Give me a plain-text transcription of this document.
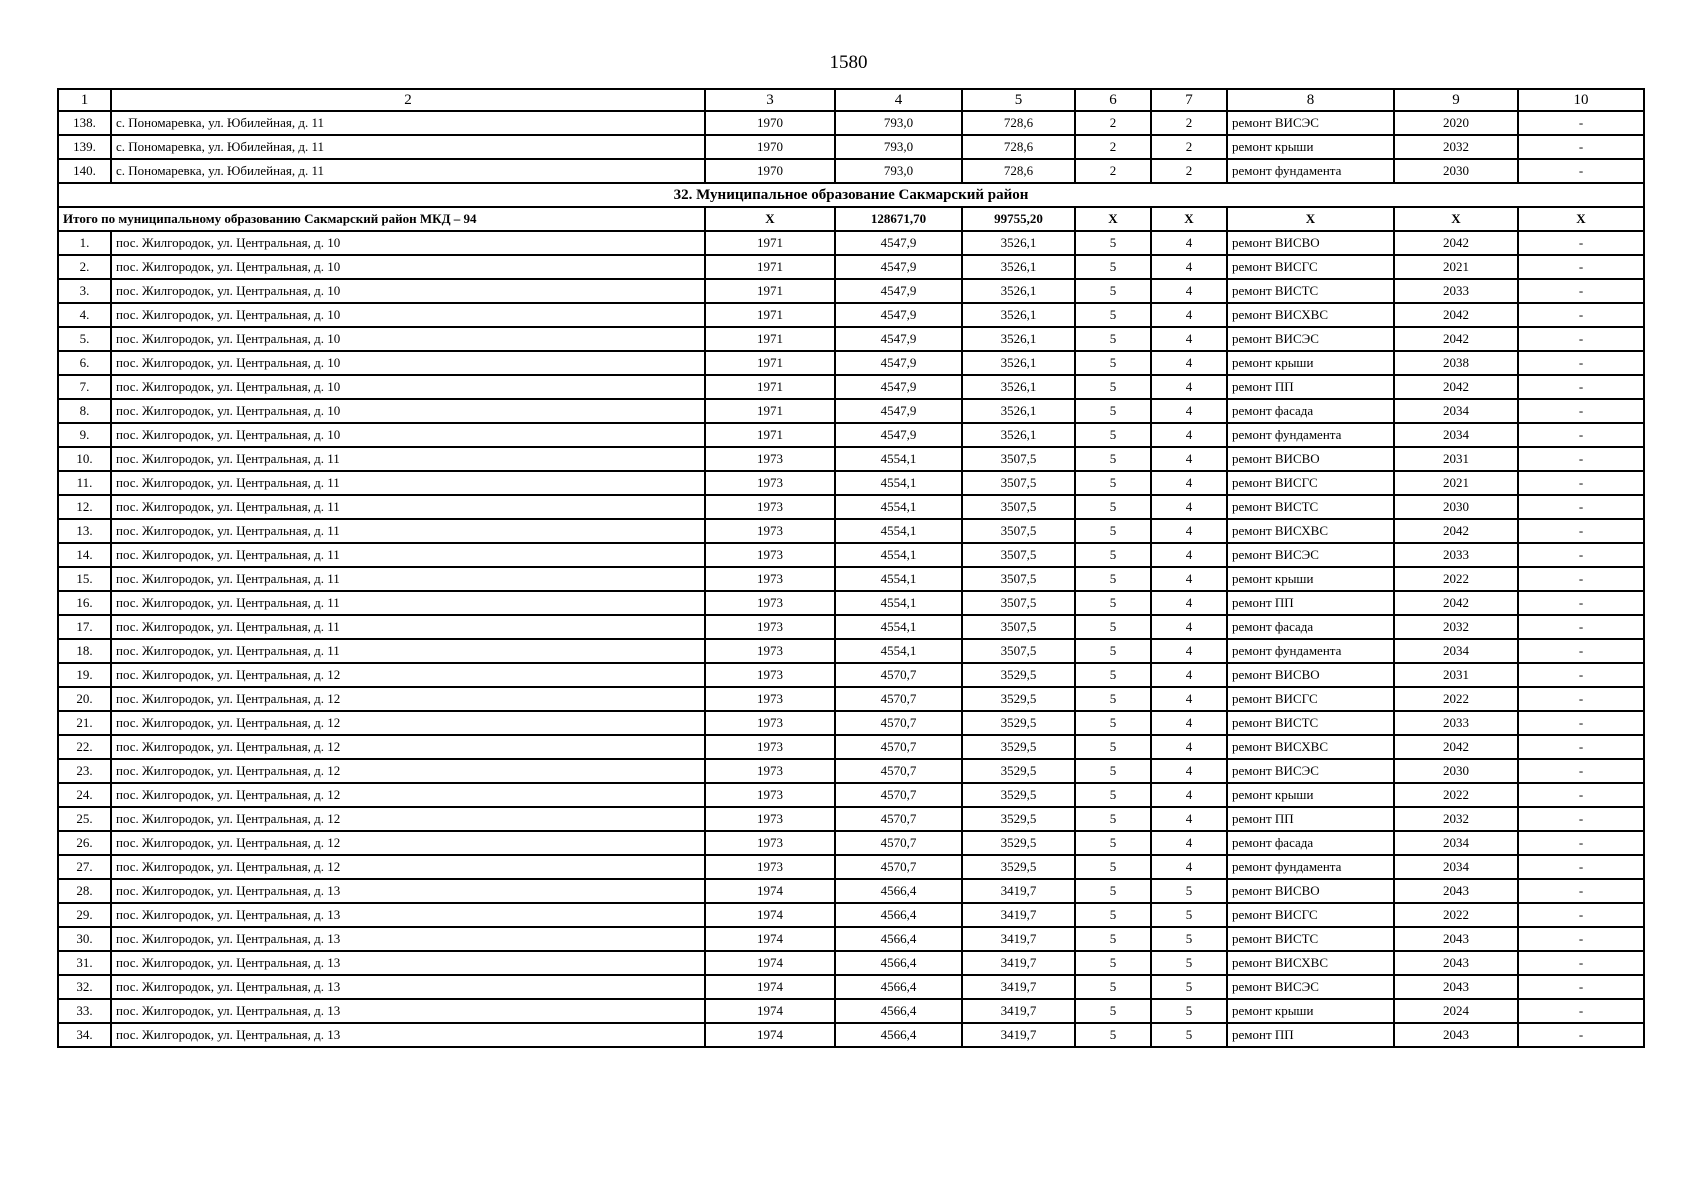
1580
1	2	3	4	5	6	7	8	9	10
138.	с. Пономаревка, ул. Юбилейная, д. 11	1970	793,0	728,6	2	2	ремонт ВИСЭС	2020	-
139.	с. Пономаревка, ул. Юбилейная, д. 11	1970	793,0	728,6	2	2	ремонт крыши	2032	-
140.	с. Пономаревка, ул. Юбилейная, д. 11	1970	793,0	728,6	2	2	ремонт фундамента	2030	-
32. Муниципальное образование Сакмарский район									
Итого по муниципальному образованию Сакмарский район МКД – 94		Х	128671,70	99755,20	Х	Х	Х	Х	Х
1.	пос. Жилгородок, ул. Центральная, д. 10	1971	4547,9	3526,1	5	4	ремонт ВИСВО	2042	-
2.	пос. Жилгородок, ул. Центральная, д. 10	1971	4547,9	3526,1	5	4	ремонт ВИСГС	2021	-
3.	пос. Жилгородок, ул. Центральная, д. 10	1971	4547,9	3526,1	5	4	ремонт ВИСТС	2033	-
4.	пос. Жилгородок, ул. Центральная, д. 10	1971	4547,9	3526,1	5	4	ремонт ВИСХВС	2042	-
5.	пос. Жилгородок, ул. Центральная, д. 10	1971	4547,9	3526,1	5	4	ремонт ВИСЭС	2042	-
6.	пос. Жилгородок, ул. Центральная, д. 10	1971	4547,9	3526,1	5	4	ремонт крыши	2038	-
7.	пос. Жилгородок, ул. Центральная, д. 10	1971	4547,9	3526,1	5	4	ремонт ПП	2042	-
8.	пос. Жилгородок, ул. Центральная, д. 10	1971	4547,9	3526,1	5	4	ремонт фасада	2034	-
9.	пос. Жилгородок, ул. Центральная, д. 10	1971	4547,9	3526,1	5	4	ремонт фундамента	2034	-
10.	пос. Жилгородок, ул. Центральная, д. 11	1973	4554,1	3507,5	5	4	ремонт ВИСВО	2031	-
11.	пос. Жилгородок, ул. Центральная, д. 11	1973	4554,1	3507,5	5	4	ремонт ВИСГС	2021	-
12.	пос. Жилгородок, ул. Центральная, д. 11	1973	4554,1	3507,5	5	4	ремонт ВИСТС	2030	-
13.	пос. Жилгородок, ул. Центральная, д. 11	1973	4554,1	3507,5	5	4	ремонт ВИСХВС	2042	-
14.	пос. Жилгородок, ул. Центральная, д. 11	1973	4554,1	3507,5	5	4	ремонт ВИСЭС	2033	-
15.	пос. Жилгородок, ул. Центральная, д. 11	1973	4554,1	3507,5	5	4	ремонт крыши	2022	-
16.	пос. Жилгородок, ул. Центральная, д. 11	1973	4554,1	3507,5	5	4	ремонт ПП	2042	-
17.	пос. Жилгородок, ул. Центральная, д. 11	1973	4554,1	3507,5	5	4	ремонт фасада	2032	-
18.	пос. Жилгородок, ул. Центральная, д. 11	1973	4554,1	3507,5	5	4	ремонт фундамента	2034	-
19.	пос. Жилгородок, ул. Центральная, д. 12	1973	4570,7	3529,5	5	4	ремонт ВИСВО	2031	-
20.	пос. Жилгородок, ул. Центральная, д. 12	1973	4570,7	3529,5	5	4	ремонт ВИСГС	2022	-
21.	пос. Жилгородок, ул. Центральная, д. 12	1973	4570,7	3529,5	5	4	ремонт ВИСТС	2033	-
22.	пос. Жилгородок, ул. Центральная, д. 12	1973	4570,7	3529,5	5	4	ремонт ВИСХВС	2042	-
23.	пос. Жилгородок, ул. Центральная, д. 12	1973	4570,7	3529,5	5	4	ремонт ВИСЭС	2030	-
24.	пос. Жилгородок, ул. Центральная, д. 12	1973	4570,7	3529,5	5	4	ремонт крыши	2022	-
25.	пос. Жилгородок, ул. Центральная, д. 12	1973	4570,7	3529,5	5	4	ремонт ПП	2032	-
26.	пос. Жилгородок, ул. Центральная, д. 12	1973	4570,7	3529,5	5	4	ремонт фасада	2034	-
27.	пос. Жилгородок, ул. Центральная, д. 12	1973	4570,7	3529,5	5	4	ремонт фундамента	2034	-
28.	пос. Жилгородок, ул. Центральная, д. 13	1974	4566,4	3419,7	5	5	ремонт ВИСВО	2043	-
29.	пос. Жилгородок, ул. Центральная, д. 13	1974	4566,4	3419,7	5	5	ремонт ВИСГС	2022	-
30.	пос. Жилгородок, ул. Центральная, д. 13	1974	4566,4	3419,7	5	5	ремонт ВИСТС	2043	-
31.	пос. Жилгородок, ул. Центральная, д. 13	1974	4566,4	3419,7	5	5	ремонт ВИСХВС	2043	-
32.	пос. Жилгородок, ул. Центральная, д. 13	1974	4566,4	3419,7	5	5	ремонт ВИСЭС	2043	-
33.	пос. Жилгородок, ул. Центральная, д. 13	1974	4566,4	3419,7	5	5	ремонт крыши	2024	-
34.	пос. Жилгородок, ул. Центральная, д. 13	1974	4566,4	3419,7	5	5	ремонт ПП	2043	-
